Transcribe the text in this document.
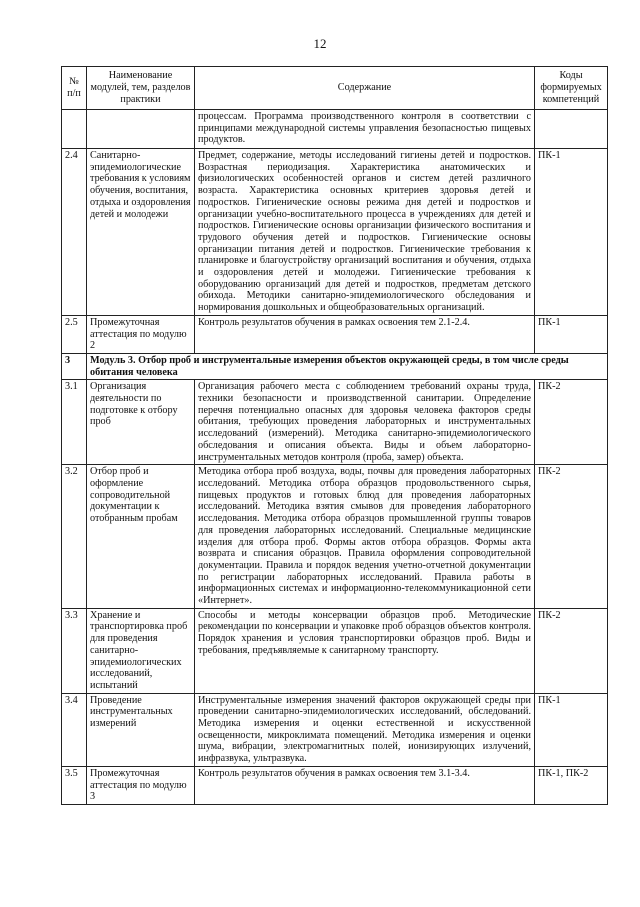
12
№ п/п	Наименование модулей, тем, разделов практики	Содержание	Коды формируемых компетенций
		процессам. Программа производственного контроля в соответствии с принципами международной системы управления безопасностью пищевых продуктов.	
2.4	Санитарно-эпидемиологические требования к условиям обучения, воспитания, отдыха и оздоровления детей и молодежи	Предмет, содержание, методы исследований гигиены детей и подростков. Возрастная периодизация. Характеристика анатомических и физиологических особенностей органов и систем детей различного возраста. Характеристика основных критериев здоровья детей и подростков. Гигиенические основы режима дня детей и подростков и организации учебно-воспитательного процесса в учреждениях для детей и подростков. Гигиенические основы организации физического воспитания и трудового обучения детей и подростков. Гигиенические основы организации питания детей и подростков. Гигиенические требования к планировке и благоустройству организаций воспитания и обучения, отдыха и оздоровления детей и молодежи. Гигиенические требования к оборудованию организаций для детей и подростков, предметам детского обихода. Методики санитарно-эпидемиологического обследования и нормирования дошкольных и общеобразовательных организаций.	ПК-1
2.5	Промежуточная аттестация по модулю 2	Контроль результатов обучения в рамках освоения тем 2.1-2.4.	ПК-1
3	Модуль 3. Отбор проб и инструментальные измерения объектов окружающей среды, в том числе среды обитания человека		
3.1	Организация деятельности по подготовке к отбору проб	Организация рабочего места с соблюдением требований охраны труда, техники безопасности и производственной санитарии. Определение перечня потенциально опасных для здоровья человека факторов среды обитания, требующих проведения лабораторных и инструментальных исследований (измерений). Методика санитарно-эпидемиологического обследования и описания объекта. Виды и объем лабораторно-инструментальных методов контроля (проба, замер) объекта.	ПК-2
3.2	Отбор проб и оформление сопроводительной документации к отобранным пробам	Методика отбора проб воздуха, воды, почвы для проведения лабораторных исследований. Методика отбора образцов продовольственного сырья, пищевых продуктов и готовых блюд для проведения лабораторных исследований. Методика взятия смывов для проведения лабораторного исследования. Методика отбора образцов промышленной группы товаров для проведения лабораторных исследований. Специальные медицинские изделия для отбора проб. Формы актов отбора образцов. Формы акта возврата и списания образцов. Правила оформления сопроводительной документации. Правила и порядок ведения учетно-отчетной документации по регистрации лабораторных исследований. Правила работы в информационных системах и информационно-телекоммуникационной сети «Интернет».	ПК-2
3.3	Хранение и транспортировка проб для проведения санитарно-эпидемиологических исследований, испытаний	Способы и методы консервации образцов проб. Методические рекомендации по консервации и упаковке проб образцов объектов контроля. Порядок хранения и условия транспортировки образцов проб. Виды и требования, предъявляемые к санитарному транспорту.	ПК-2
3.4	Проведение инструментальных измерений	Инструментальные измерения значений факторов окружающей среды при проведении санитарно-эпидемиологических исследований, обследований. Методика измерения и оценки естественной и искусственной освещенности, микроклимата помещений. Методика измерения и оценки шума, вибрации, электромагнитных полей, ионизирующих излучений, инфразвука, ультразвука.	ПК-1
3.5	Промежуточная аттестация по модулю 3	Контроль результатов обучения в рамках освоения тем 3.1-3.4.	ПК-1, ПК-2
